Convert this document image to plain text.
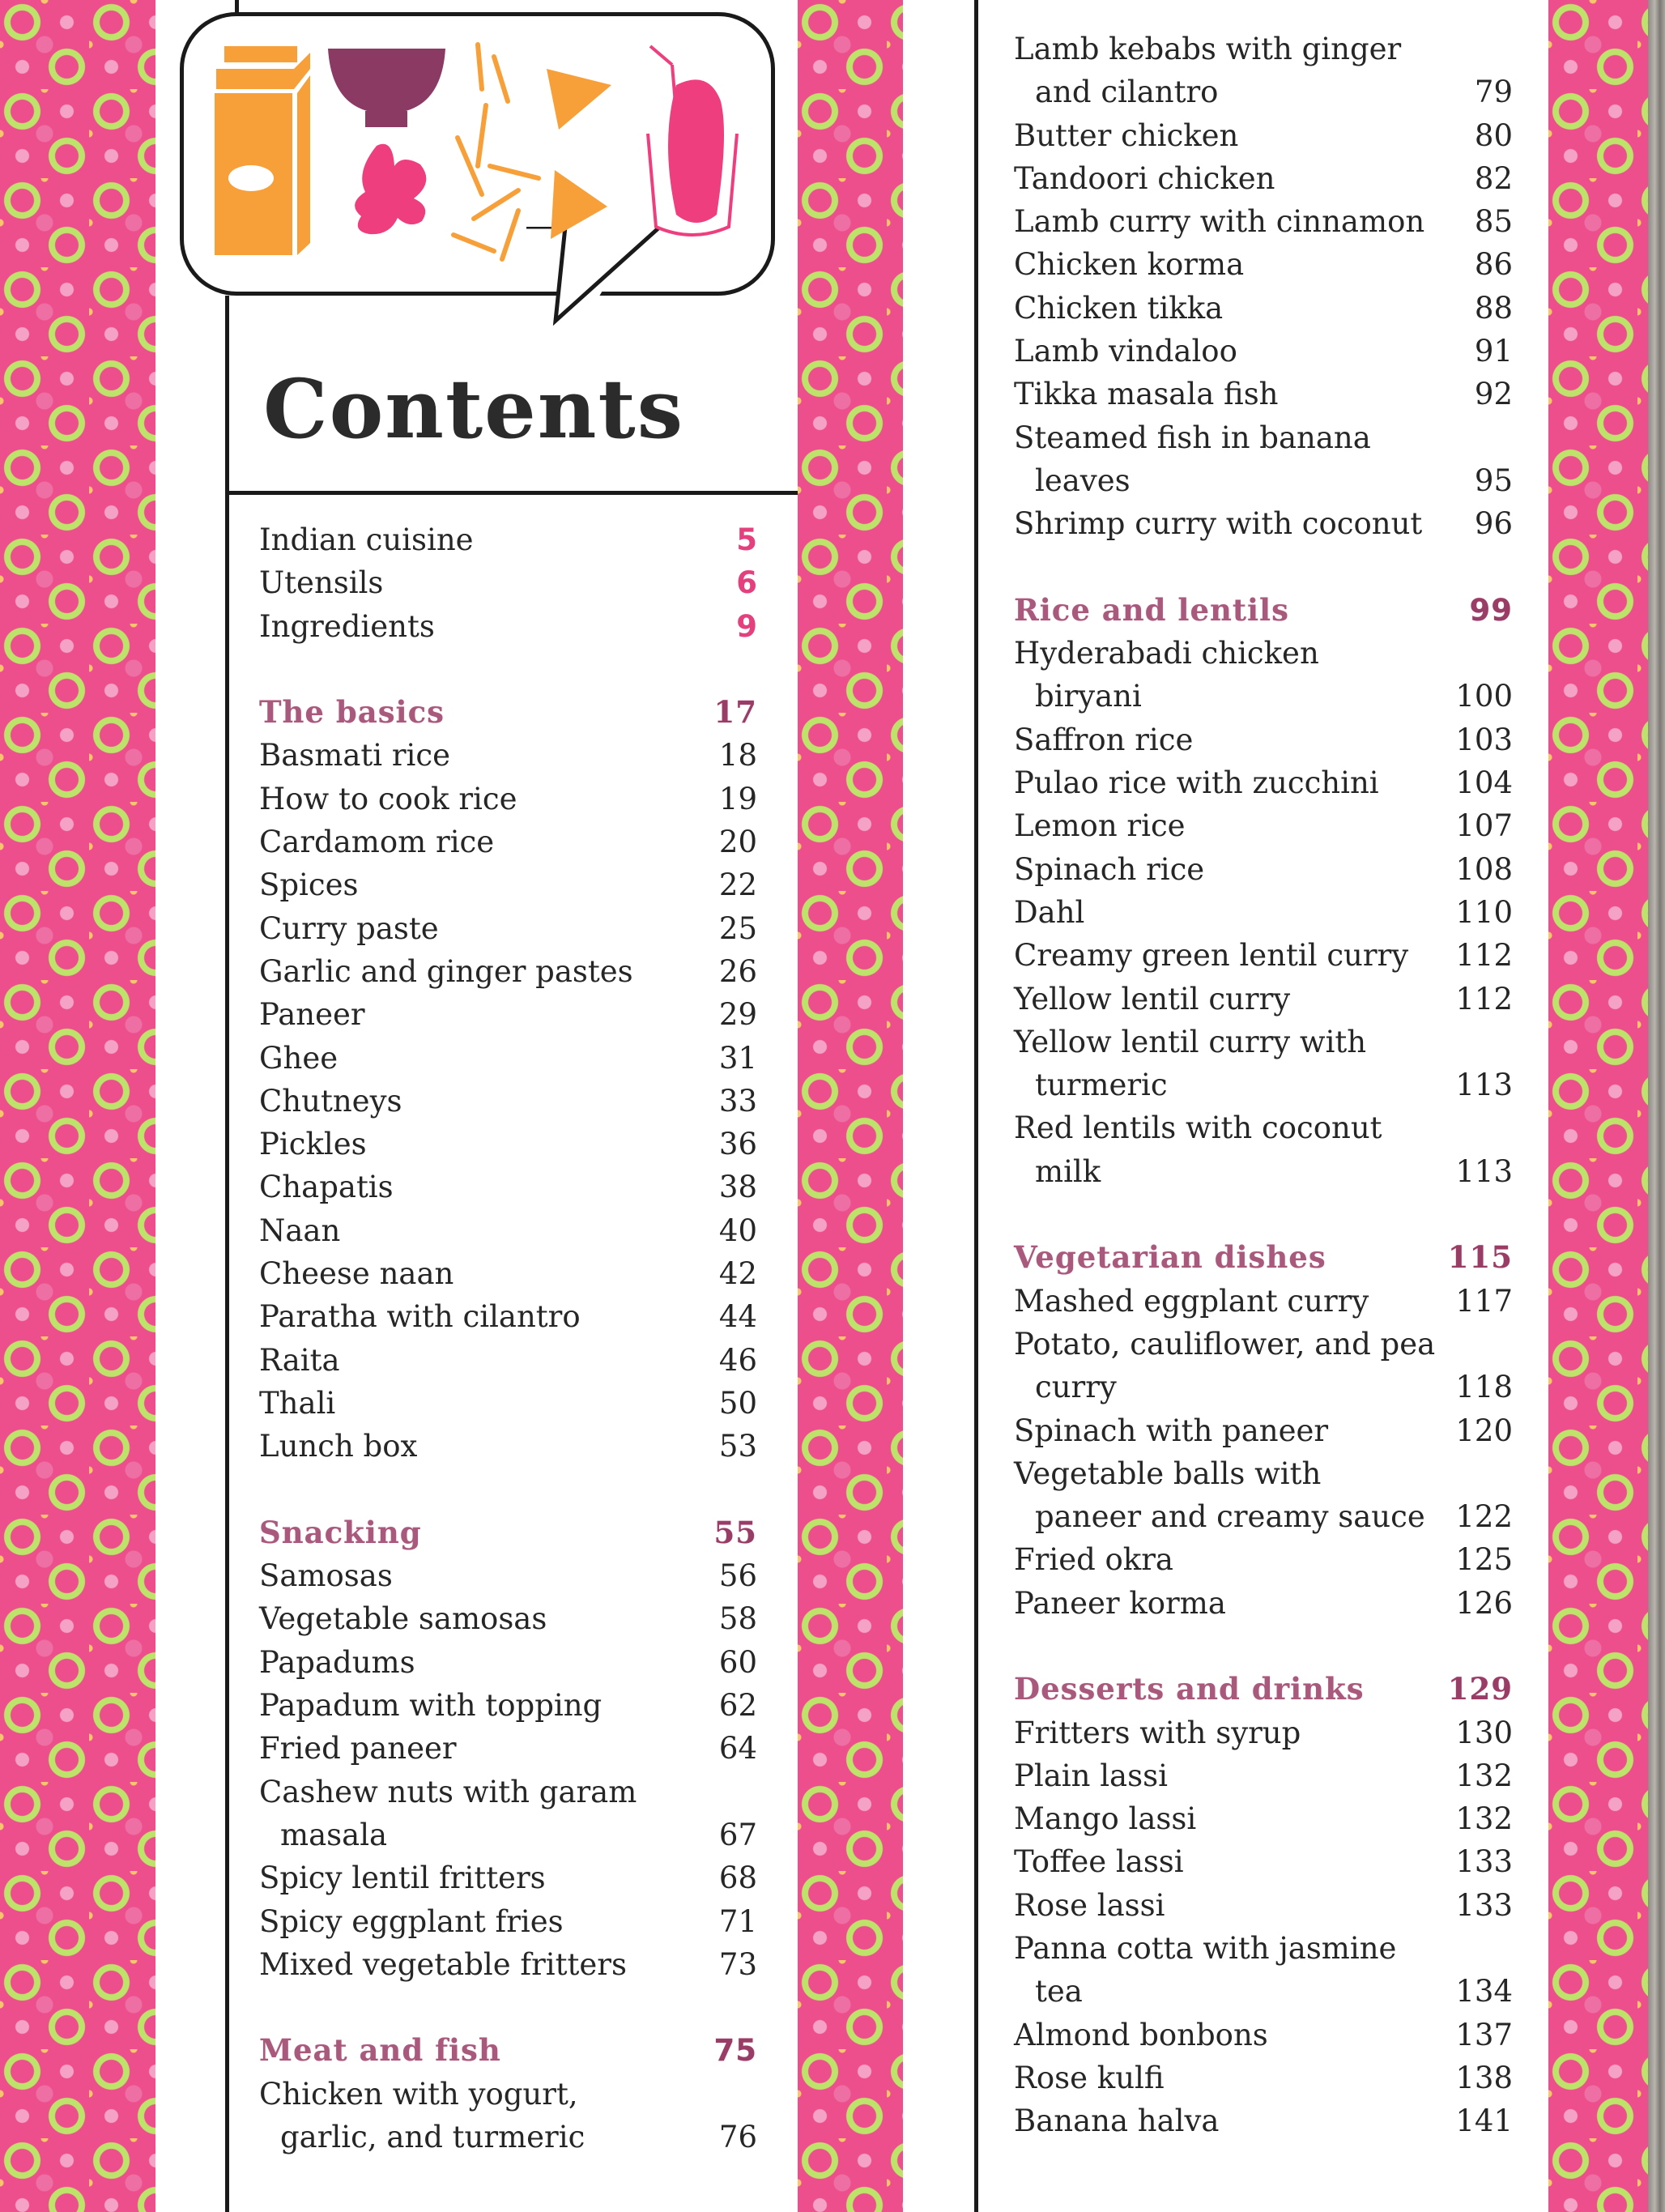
Contents
Indian cuisine	5
Utensils	6
Ingredients	9
The basics	17
Basmati rice	18
How to cook rice	19
Cardamom rice	20
Spices	22
Curry paste	25
Garlic and ginger pastes	26
Paneer	29
Ghee	31
Chutneys	33
Pickles	36
Chapatis	38
Naan	40
Cheese naan	42
Paratha with cilantro	44
Raita	46
Thali	50
Lunch box	53
Snacking	55
Samosas	56
Vegetable samosas	58
Papadums	60
Papadum with topping	62
Fried paneer	64
Cashew nuts with garam
masala	67
Spicy lentil fritters	68
Spicy eggplant fries	71
Mixed vegetable fritters	73
Meat and fish	75
Chicken with yogurt,
garlic, and turmeric	76
Lamb kebabs with ginger
and cilantro	79
Butter chicken	80
Tandoori chicken	82
Lamb curry with cinnamon	85
Chicken korma	86
Chicken tikka	88
Lamb vindaloo	91
Tikka masala fish	92
Steamed fish in banana
leaves	95
Shrimp curry with coconut	96
Rice and lentils	99
Hyderabadi chicken
biryani	100
Saffron rice	103
Pulao rice with zucchini	104
Lemon rice	107
Spinach rice	108
Dahl	110
Creamy green lentil curry	112
Yellow lentil curry	112
Yellow lentil curry with
turmeric	113
Red lentils with coconut
milk	113
Vegetarian dishes	115
Mashed eggplant curry	117
Potato, cauliflower, and pea
curry	118
Spinach with paneer	120
Vegetable balls with
paneer and creamy sauce	122
Fried okra	125
Paneer korma	126
Desserts and drinks	129
Fritters with syrup	130
Plain lassi	132
Mango lassi	132
Toffee lassi	133
Rose lassi	133
Panna cotta with jasmine
tea	134
Almond bonbons	137
Rose kulfi	138
Banana halva	141
